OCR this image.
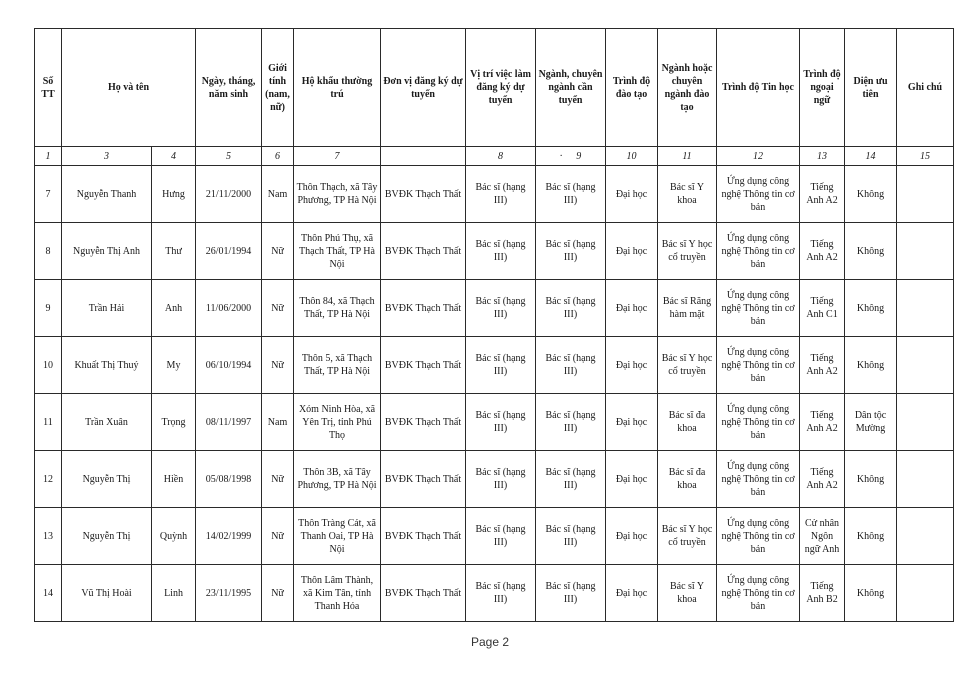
Số TT	Họ và tên		Ngày, tháng, năm sinh	Giới tính (nam, nữ)	Hộ khẩu thường trú	Đơn vị đăng ký dự tuyển	Vị trí việc làm đăng ký dự tuyển	Ngành, chuyên ngành cần tuyển	Trình độ đào tạo	Ngành hoặc chuyên ngành đào tạo	Trình độ Tin học	Trình độ ngoại ngữ	Diện ưu tiên	Ghi chú
1	3	4	5	6	7		8	· 9	10	11	12	13	14	15
7	Nguyễn Thanh	Hưng	21/11/2000	Nam	Thôn Thạch, xã Tây Phương, TP Hà Nội	BVĐK Thạch Thất	Bác sĩ (hạng III)	Bác sĩ (hạng III)	Đại học	Bác sĩ Y khoa	Ứng dụng công nghệ Thông tin cơ bản	Tiếng Anh A2	Không	
8	Nguyễn Thị Anh	Thư	26/01/1994	Nữ	Thôn Phú Thụ, xã Thạch Thất, TP Hà Nội	BVĐK Thạch Thất	Bác sĩ (hạng III)	Bác sĩ (hạng III)	Đại học	Bác sĩ Y học cổ truyền	Ứng dụng công nghệ Thông tin cơ bản	Tiếng Anh A2	Không	
9	Trần Hải	Anh	11/06/2000	Nữ	Thôn 84, xã Thạch Thất, TP Hà Nội	BVĐK Thạch Thất	Bác sĩ (hạng III)	Bác sĩ (hạng III)	Đại học	Bác sĩ Răng hàm mặt	Ứng dụng công nghệ Thông tin cơ bản	Tiếng Anh C1	Không	
10	Khuất Thị Thuý	My	06/10/1994	Nữ	Thôn 5, xã Thạch Thất, TP Hà Nội	BVĐK Thạch Thất	Bác sĩ (hạng III)	Bác sĩ (hạng III)	Đại học	Bác sĩ Y học cổ truyền	Ứng dụng công nghệ Thông tin cơ bản	Tiếng Anh A2	Không	
11	Trần Xuân	Trọng	08/11/1997	Nam	Xóm Ninh Hòa, xã Yên Trị, tỉnh Phú Thọ	BVĐK Thạch Thất	Bác sĩ (hạng III)	Bác sĩ (hạng III)	Đại học	Bác sĩ đa khoa	Ứng dụng công nghệ Thông tin cơ bản	Tiếng Anh A2	Dân tộc Mường	
12	Nguyễn Thị	Hiền	05/08/1998	Nữ	Thôn 3B, xã Tây Phương, TP Hà Nội	BVĐK Thạch Thất	Bác sĩ (hạng III)	Bác sĩ (hạng III)	Đại học	Bác sĩ đa khoa	Ứng dụng công nghệ Thông tin cơ bản	Tiếng Anh A2	Không	
13	Nguyễn Thị	Quỳnh	14/02/1999	Nữ	Thôn Tràng Cát, xã Thanh Oai, TP Hà Nội	BVĐK Thạch Thất	Bác sĩ (hạng III)	Bác sĩ (hạng III)	Đại học	Bác sĩ Y học cổ truyền	Ứng dụng công nghệ Thông tin cơ bản	Cử nhân Ngôn ngữ Anh	Không	
14	Vũ Thị Hoài	Linh	23/11/1995	Nữ	Thôn Lâm Thành, xã Kim Tân, tỉnh Thanh Hóa	BVĐK Thạch Thất	Bác sĩ (hạng III)	Bác sĩ (hạng III)	Đại học	Bác sĩ Y khoa	Ứng dụng công nghệ Thông tin cơ bản	Tiếng Anh B2	Không	
Page 2
